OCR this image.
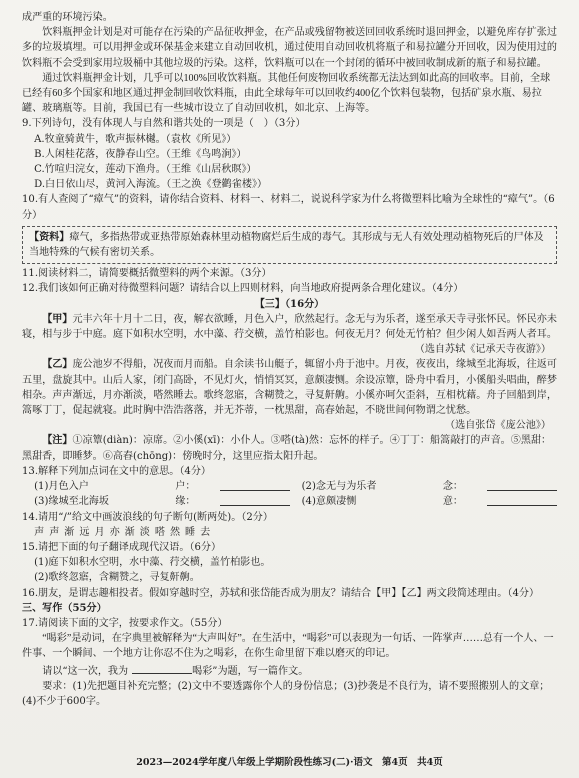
成严重的环境污染。

饮料瓶押金计划是对可能存在污染的产品征收押金，在产品或残留物被送回回收系统时退回押金，以避免库存扩张过多的垃圾填埋。可以用押金或环保基金来建立自动回收机，通过使用自动回收机将瓶子和易拉罐分开回收，因为使用过的饮料瓶不会受到家用垃圾桶中其他垃圾的污染。这样，饮料瓶可以在一个封闭的循环中被回收制成新的瓶子和易拉罐。

通过饮料瓶押金计划，几乎可以100%回收饮料瓶。其他任何废物回收系统都无法达到如此高的回收率。目前，全球已经有60多个国家和地区通过押金制回收饮料瓶，由此全球每年可以回收约400亿个饮料包装物，包括矿泉水瓶、易拉罐、玻璃瓶等。目前，我国已有一些城市设立了自动回收机，如北京、上海等。

9.下列诗句，没有体现人与自然和谐共处的一项是（　）（3分）

A.牧童骑黄牛，歌声振林樾。（袁枚《所见》）

B.人闲桂花落，夜静春山空。（王维《鸟鸣涧》）

C.竹喧归浣女，莲动下渔舟。（王维《山居秋暝》）

D.白日依山尽，黄河入海流。（王之涣《登鹳雀楼》）

10.有人查阅了“瘴气”的资料，请你结合资料、材料一、材料二，说说科学家为什么将微塑料比喻为全球性的“瘴气”。（6分）

【资料】瘴气，多指热带或亚热带原始森林里动植物腐烂后生成的毒气。其形成与无人有效处理动植物死后的尸体及当地特殊的气候有密切关系。

11.阅读材料二，请简要概括微塑料的两个来源。（3分）

12.我们该如何正确对待微塑料问题？请结合以上四则材料，向当地政府提两条合理化建议。（4分）

【三】（16分）

【甲】元丰六年十月十二日，夜，解衣欲睡，月色入户，欣然起行。念无与为乐者，遂至承天寺寻张怀民。怀民亦未寝，相与步于中庭。庭下如积水空明，水中藻、荇交横，盖竹柏影也。何夜无月？何处无竹柏？但少闲人如吾两人者耳。

（选自苏轼《记承天寺夜游》）

【乙】庞公池岁不得船，况夜而月而船。自余读书山艇子，辄留小舟于池中。月夜，夜夜出，缘城至北海坂，往返可五里，盘旋其中。山后人家，闭门高卧，不见灯火，悄悄冥冥，意颇凄恻。余设凉簟，卧舟中看月，小傒船头唱曲，醉梦相杂。声声渐远，月亦渐淡，嗒然睡去。歌终忽寤，含糊赞之，寻复鼾齁。小傒亦呵欠歪斜，互相枕藉。舟子回船到岸，篙啄丁丁，促起就寝。此时胸中浩浩落落，并无芥蒂，一枕黑甜，高春始起，不晓世间何物谓之忧愁。

（选自张岱《庞公池》）

【注】①凉簟(diàn)：凉席。②小傒(xī)：小仆人。③嗒(tà)然：忘怀的样子。④丁丁：船篙敲打的声音。⑤黑甜：黑甜香，即睡梦。⑥高舂(chōng)：傍晚时分，这里应指太阳升起。

13.解释下列加点词在文中的意思。（4分）

(1)月色入户	户：	(2)念无与为乐者	念：
(3)缘城至北海坂	缘：	(4)意颇凄恻	意：

14.请用“/”给文中画波浪线的句子断句(断两处)。（2分）

声声渐远月亦渐淡嗒然睡去

15.请把下面的句子翻译成现代汉语。（6分）

(1)庭下如积水空明，水中藻、荇交横，盖竹柏影也。

(2)歌终忽寤，含糊赞之，寻复鼾齁。

16.朋友，是谓志趣相投者。假如穿越时空，苏轼和张岱能否成为朋友？请结合【甲】【乙】两文段简述理由。（4分）

三、写作（55分）

17.请阅读下面的文字，按要求作文。（55分）

“喝彩”是动词，在字典里被解释为“大声叫好”。在生活中，“喝彩”可以表现为一句话、一阵掌声……总有一个人、一件事、一个瞬间、一个地方让你忍不住为之喝彩，在你生命里留下难以磨灭的印记。

请以“这一次，我为	喝彩”为题，写一篇作文。

要求：(1)先把题目补充完整；(2)文中不要透露你个人的身份信息；(3)抄袭是不良行为，请不要照搬别人的文章；(4)不少于600字。

2023—2024学年度八年级上学期阶段性练习(二)·语文　第4页　共4页
